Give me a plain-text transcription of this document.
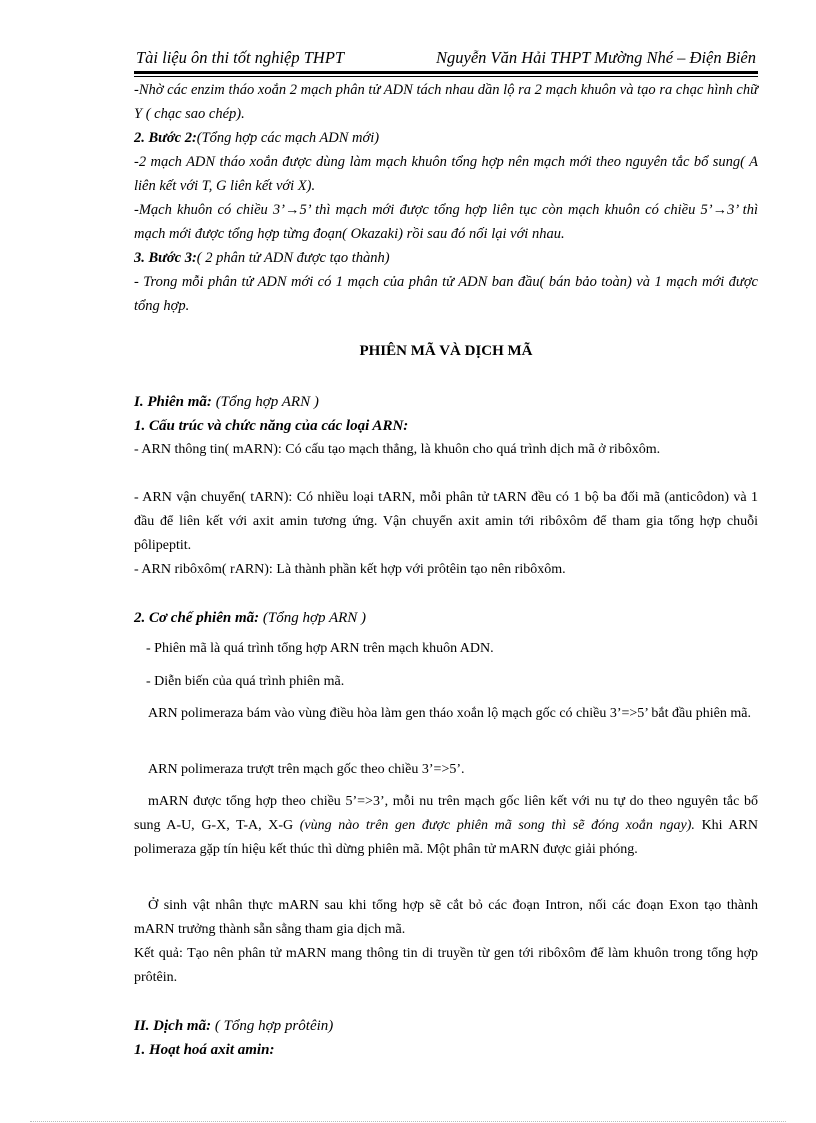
Tài liệu ôn thi tốt nghiệp THPT	Nguyễn Văn Hải THPT Mường Nhé – Điện Biên
-Nhờ các enzim tháo xoắn 2 mạch phân tử ADN tách nhau dần lộ ra 2 mạch khuôn và tạo ra chạc hình chữ Y ( chạc sao chép).
2. Bước 2:(Tổng hợp các mạch ADN mới)
-2 mạch ADN tháo xoắn được dùng làm mạch khuôn tổng hợp nên mạch mới theo nguyên tắc bổ sung( A liên kết với T, G liên kết với X).
-Mạch khuôn có chiều 3’→5’ thì mạch mới được tổng hợp liên tục còn mạch khuôn có chiều 5’→3’ thì mạch mới được tổng hợp từng đoạn( Okazaki) rồi sau đó nối lại với nhau.
3. Bước 3:( 2 phân tử ADN được tạo thành)
- Trong mỗi phân tử ADN mới có 1 mạch của phân tử ADN ban đầu( bán bảo toàn) và 1 mạch mới được tổng hợp.
PHIÊN MÃ VÀ DỊCH MÃ
I. Phiên mã: (Tổng hợp ARN )
1. Cấu trúc và chức năng của các loại ARN:
- ARN thông tin( mARN): Có cấu tạo mạch thẳng, là khuôn cho quá trình dịch mã ở ribôxôm.
- ARN vận chuyển( tARN): Có nhiều loại tARN, mỗi phân tử tARN đều có 1 bộ ba đối mã (anticôdon) và 1 đầu để liên kết với axit amin tương ứng. Vận chuyển axit amin tới ribôxôm để tham gia tổng hợp chuỗi pôlipeptit.
- ARN ribôxôm( rARN): Là thành phần kết hợp với prôtêin tạo nên ribôxôm.
2. Cơ chế phiên mã: (Tổng hợp ARN )
- Phiên mã là quá trình tổng hợp ARN trên mạch khuôn ADN.
- Diễn biến của quá trình phiên mã.
ARN polimeraza bám vào vùng điều hòa làm gen tháo xoắn lộ mạch gốc có chiều 3’=>5’ bắt đầu phiên mã.
ARN polimeraza trượt trên mạch gốc theo chiều 3’=>5’.
mARN được tổng hợp theo chiều 5’=>3’, mỗi nu trên mạch gốc liên kết với nu tự do theo nguyên tắc bổ sung A-U, G-X, T-A, X-G (vùng nào trên gen được phiên mã song thì sẽ đóng xoắn ngay). Khi ARN polimeraza gặp tín hiệu kết thúc thì dừng phiên mã. Một phân tử mARN được giải phóng.
Ở sinh vật nhân thực mARN sau khi tổng hợp sẽ cắt bỏ các đoạn Intron, nối các đoạn Exon tạo thành mARN trưởng thành sẵn sằng tham gia dịch mã.
Kết quả: Tạo nên phân tử mARN mang thông tin di truyền từ gen tới ribôxôm để làm khuôn trong tổng hợp prôtêin.
II. Dịch mã: ( Tổng hợp prôtêin)
1. Hoạt hoá axit amin:
